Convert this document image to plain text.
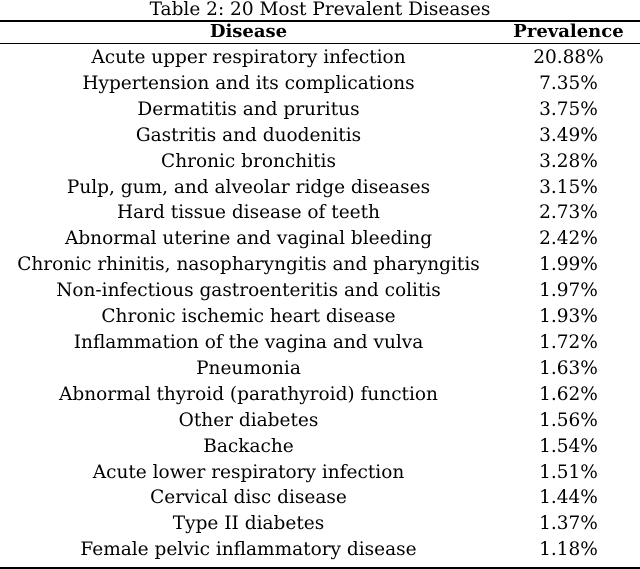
Table 2: 20 Most Prevalent Diseases
Disease	Prevalence

Acute upper respiratory infection	20.88%
Hypertension and its complications	7.35%
Dermatitis and pruritus	3.75%
Gastritis and duodenitis	3.49%
Chronic bronchitis	3.28%
Pulp, gum, and alveolar ridge diseases	3.15%
Hard tissue disease of teeth	2.73%
Abnormal uterine and vaginal bleeding	2.42%
Chronic rhinitis, nasopharyngitis and pharyngitis	1.99%
Non-infectious gastroenteritis and colitis	1.97%
Chronic ischemic heart disease	1.93%
Inflammation of the vagina and vulva	1.72%
Pneumonia	1.63%
Abnormal thyroid (parathyroid) function	1.62%
Other diabetes	1.56%
Backache	1.54%
Acute lower respiratory infection	1.51%
Cervical disc disease	1.44%
Type II diabetes	1.37%
Female pelvic inflammatory disease	1.18%
